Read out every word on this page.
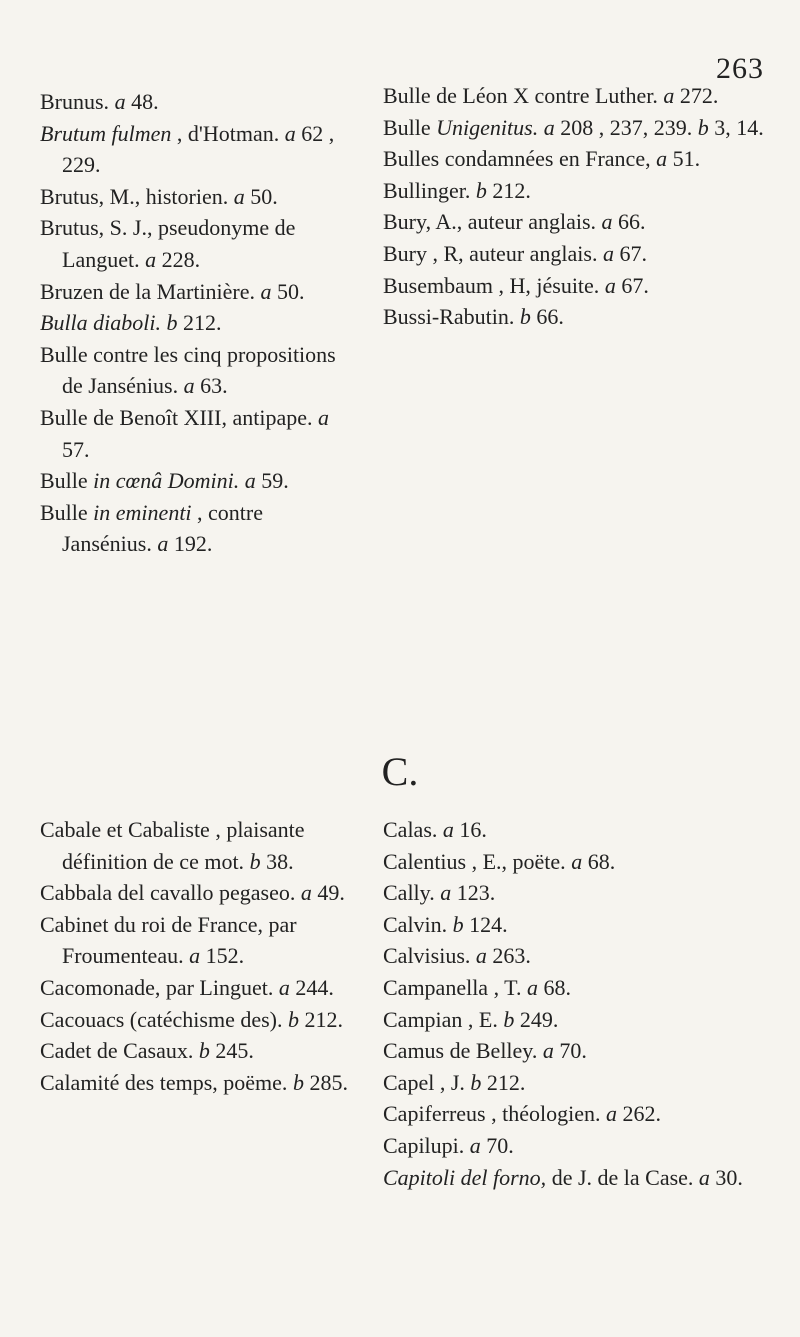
263

Brunus. a 48.

Brutum fulmen , d'Hotman. a 62 , 229.

Brutus, M., historien. a 50.

Brutus, S. J., pseudonyme de Languet. a 228.

Bruzen de la Martinière. a 50.

Bulla diaboli. b 212.

Bulle contre les cinq propositions de Jansénius. a 63.

Bulle de Benoît XIII, antipape. a 57.

Bulle in cœnâ Domini. a 59.

Bulle in eminenti , contre Jansénius. a 192.

Bulle de Léon X contre Luther. a 272.

Bulle Unigenitus. a 208 , 237, 239. b 3, 14.

Bulles condamnées en France, a 51.

Bullinger. b 212.

Bury, A., auteur anglais. a 66.

Bury , R, auteur anglais. a 67.

Busembaum , H, jésuite. a 67.

Bussi-Rabutin. b 66.

C.

Cabale et Cabaliste , plaisante définition de ce mot. b 38.

Cabbala del cavallo pegaseo. a 49.

Cabinet du roi de France, par Froumenteau. a 152.

Cacomonade, par Linguet. a 244.

Cacouacs (catéchisme des). b 212.

Cadet de Casaux. b 245.

Calamité des temps, poëme. b 285.

Calas. a 16.

Calentius , E., poëte. a 68.

Cally. a 123.

Calvin. b 124.

Calvisius. a 263.

Campanella , T. a 68.

Campian , E. b 249.

Camus de Belley. a 70.

Capel , J. b 212.

Capiferreus , théologien. a 262.

Capilupi. a 70.

Capitoli del forno, de J. de la Case. a 30.
